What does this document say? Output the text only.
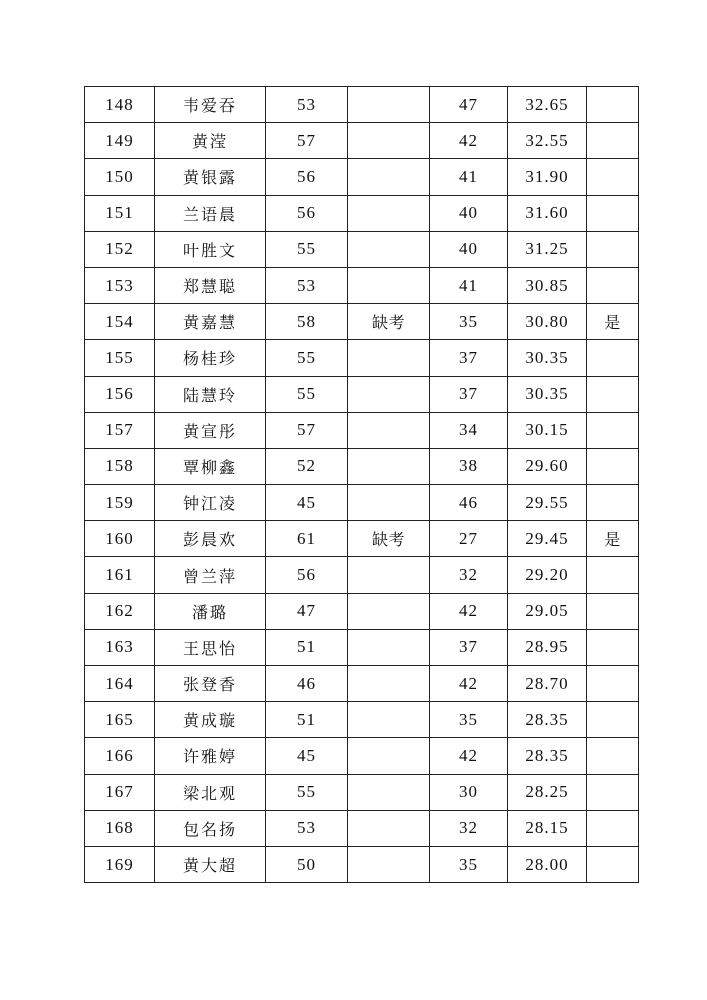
148	韦爱吞	53		47	32.65	
149	黄滢	57		42	32.55	
150	黄银露	56		41	31.90	
151	兰语晨	56		40	31.60	
152	叶胜文	55		40	31.25	
153	郑慧聪	53		41	30.85	
154	黄嘉慧	58	缺考	35	30.80	是
155	杨桂珍	55		37	30.35	
156	陆慧玲	55		37	30.35	
157	黄宣彤	57		34	30.15	
158	覃柳鑫	52		38	29.60	
159	钟江凌	45		46	29.55	
160	彭晨欢	61	缺考	27	29.45	是
161	曾兰萍	56		32	29.20	
162	潘璐	47		42	29.05	
163	王思怡	51		37	28.95	
164	张登香	46		42	28.70	
165	黄成璇	51		35	28.35	
166	许雅婷	45		42	28.35	
167	梁北观	55		30	28.25	
168	包名扬	53		32	28.15	
169	黄大超	50		35	28.00	
